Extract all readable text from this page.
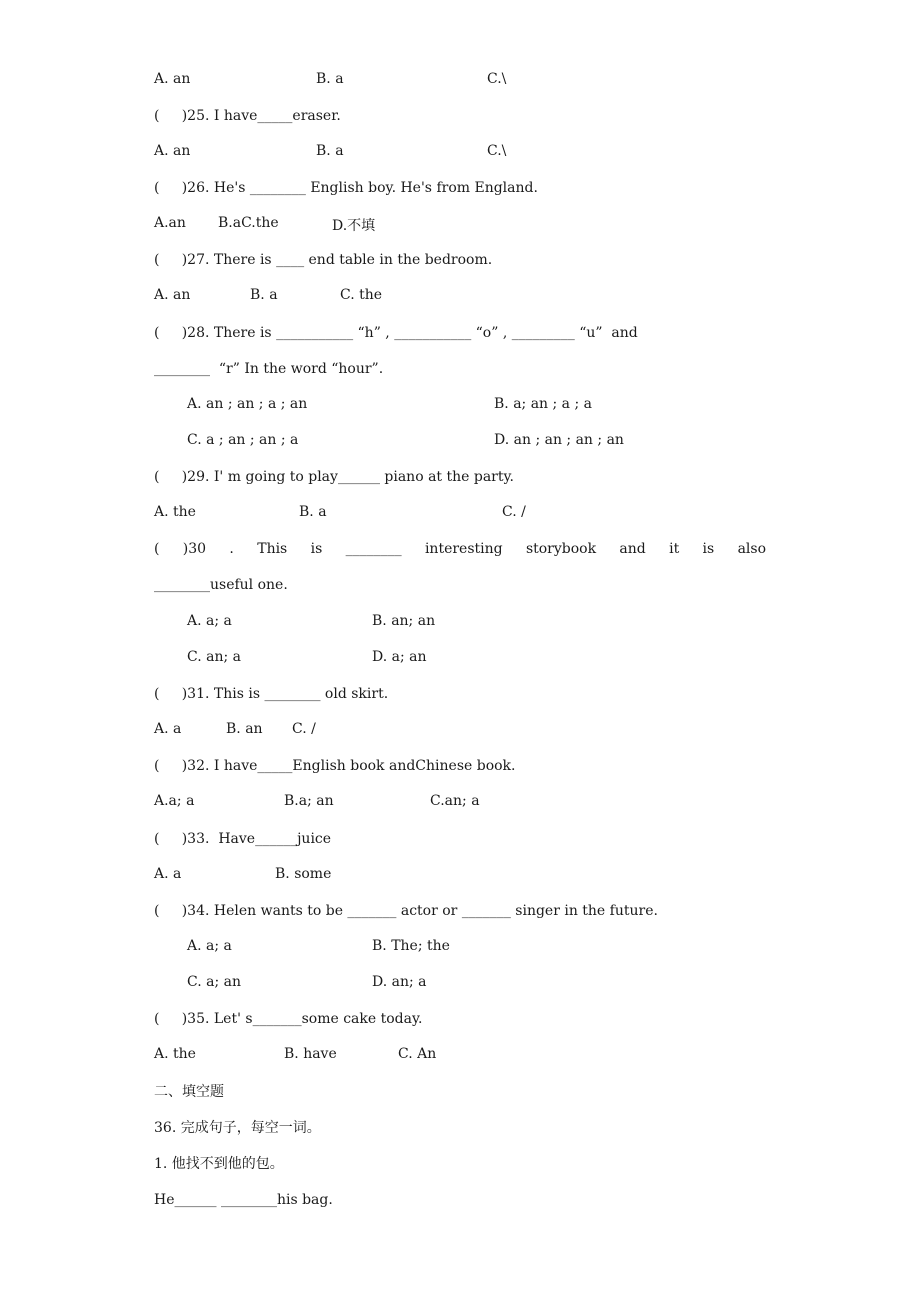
A. an	B. a	C.\
(     )25. I have_____eraser.
A. an	B. a	C.\
(     )26. He's ________ English boy. He's from England.
A.an B.aC.the	D.不填
(     )27. There is ____ end table in the bedroom.
A. an	B. a	C. the
(     )28. There is ___________ “h” , ___________ “o” , _________ “u”  and
________  “r” In the word “hour”.
A. an ; an ; a ; an	B. a; an ; a ; a
C. a ; an ; an ; a	D. an ; an ; an ; an
(     )29. I' m going to play______ piano at the party.
A. the	B. a	C. /
( )30 . This is ________ interesting storybook and it is also
________useful one.
A. a; a	B. an; an
C. an; a	D. a; an
(     )31. This is ________ old skirt.
A. a	B. an C. /
(     )32. I have_____English book andChinese book.
A.a; a	B.a; an	C.an; a
(     )33.  Have______juice
A. a	B. some
(     )34. Helen wants to be _______ actor or _______ singer in the future.
A. a; a	B. The; the
C. a; an	D. an; a
(     )35. Let' s_______some cake today.
A. the	B. have	C. An
二、填空题
36. 完成句子，每空一词。
1. 他找不到他的包。
He______ ________his bag.
